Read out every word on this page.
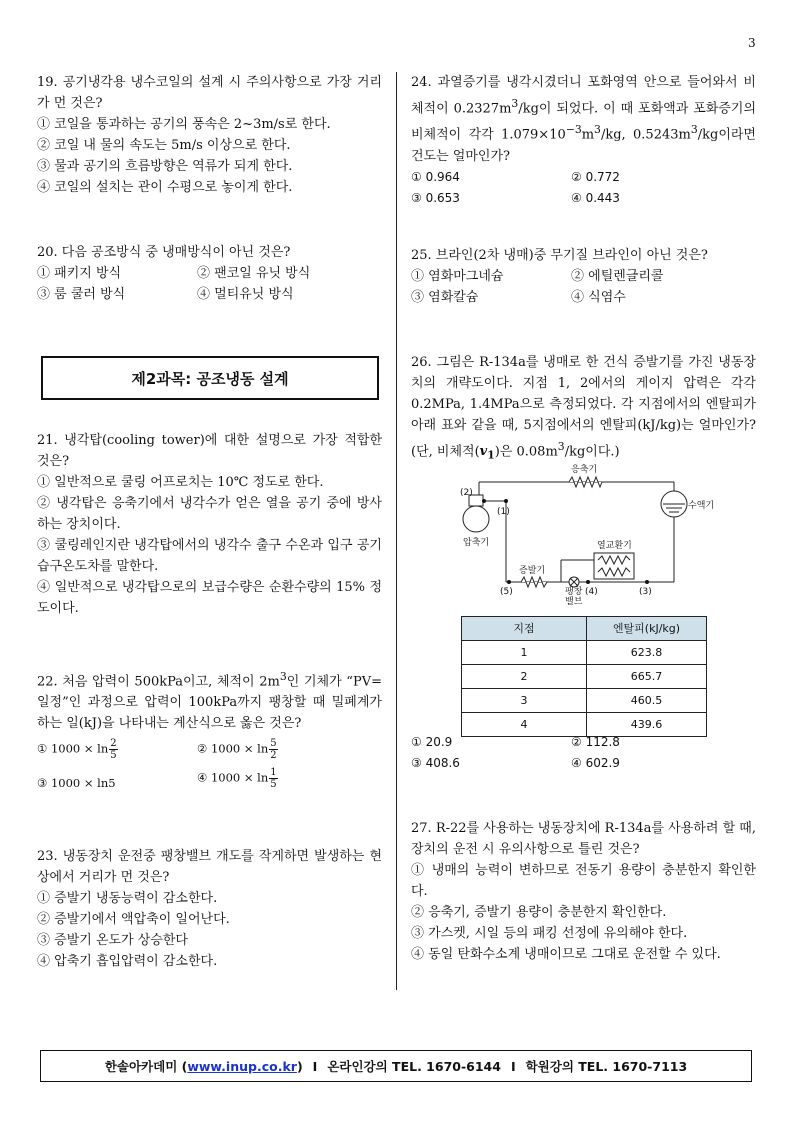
3

19. 공기냉각용 냉수코일의 설계 시 주의사항으로 가장 거리가 먼 것은?

① 코일을 통과하는 공기의 풍속은 2~3m/s로 한다.

② 코일 내 물의 속도는 5m/s 이상으로 한다.

③ 물과 공기의 흐름방향은 역류가 되게 한다.

④ 코일의 설치는 관이 수평으로 놓이게 한다.

20. 다음 공조방식 중 냉매방식이 아닌 것은?

① 패키지 방식	② 팬코일 유닛 방식

③ 룸 쿨러 방식	④ 멀티유닛 방식

제2과목: 공조냉동 설계

21. 냉각탑(cooling tower)에 대한 설명으로 가장 적합한 것은?

① 일반적으로 쿨링 어프로치는 10℃ 정도로 한다.

② 냉각탑은 응축기에서 냉각수가 얻은 열을 공기 중에 방사하는 장치이다.

③ 쿨링레인지란 냉각탑에서의 냉각수 출구 수온과 입구 공기 습구온도차를 말한다.

④ 일반적으로 냉각탑으로의 보급수량은 순환수량의 15% 정도이다.

22. 처음 압력이 500kPa이고, 체적이 $2m^3$인 기체가 “PV=일정”인 과정으로 압력이 100kPa까지 팽창할 때 밀폐계가 하는 일(kJ)을 나타내는 계산식으로 옳은 것은?

① $1000 \times \ln \frac{2}{5}$	② $1000 \times \ln \frac{5}{2}$
③ 1000 × ln5	④ $1000 \times \ln \frac{1}{5}$

23. 냉동장치 운전중 팽창밸브 개도를 작게하면 발생하는 현상에서 거리가 먼 것은?

① 증발기 냉동능력이 감소한다.

② 증발기에서 액압축이 일어난다.

③ 증발기 온도가 상승한다

④ 압축기 흡입압력이 감소한다.

24. 과열증기를 냉각시겼더니 포화영역 안으로 들어와서 비체적이 $0.2327m^3/kg$이 되었다. 이 때 포화액과 포화증기의 비체적이 각각 $1.079\times 10^{-3}m^3/kg$, $0.5243m^3/kg$이라면 건도는 얼마인가?

① 0.964	② 0.772

③ 0.653	④ 0.443

25. 브라인(2차 냉매)중 무기질 브라인이 아닌 것은?

① 염화마그네슘	② 에틸렌글리콜

③ 염화칼슘	④ 식염수

26. 그림은 R-134a를 냉매로 한 건식 증발기를 가진 냉동장치의 개략도이다. 지점 1, 2에서의 게이지 압력은 각각 0.2MPa, 1.4MPa으로 측정되었다. 각 지점에서의 엔탈피가 아래 표와 같을 때, 5지점에서의 엔탈피(kJ/kg)는 얼마인가? (단, 비체적$(v_1)$은 $0.08m^3/kg$이다.)

응축기
수액기
압축기	열교환기
증발기
팽창
밸브
(2)
(1)
(5)	(4)	(3)
지점	엔탈피(kJ/kg)
1	623.8
2	665.7
3	460.5
4	439.6

① 20.9	② 112.8

③ 408.6	④ 602.9

27. R-22를 사용하는 냉동장치에 R-134a를 사용하려 할 때, 장치의 운전 시 유의사항으로 틀린 것은?

① 냉매의 능력이 변하므로 전동기 용량이 충분한지 확인한다.

② 응축기, 증발기 용량이 충분한지 확인한다.

③ 가스켓, 시일 등의 패킹 선정에 유의해야 한다.

④ 동일 탄화수소계 냉매이므로 그대로 운전할 수 있다.

한솔아카데미 ( www.inup.co.kr ) I 온라인강의 TEL. 1670-6144 I 학원강의 TEL. 1670-7113
